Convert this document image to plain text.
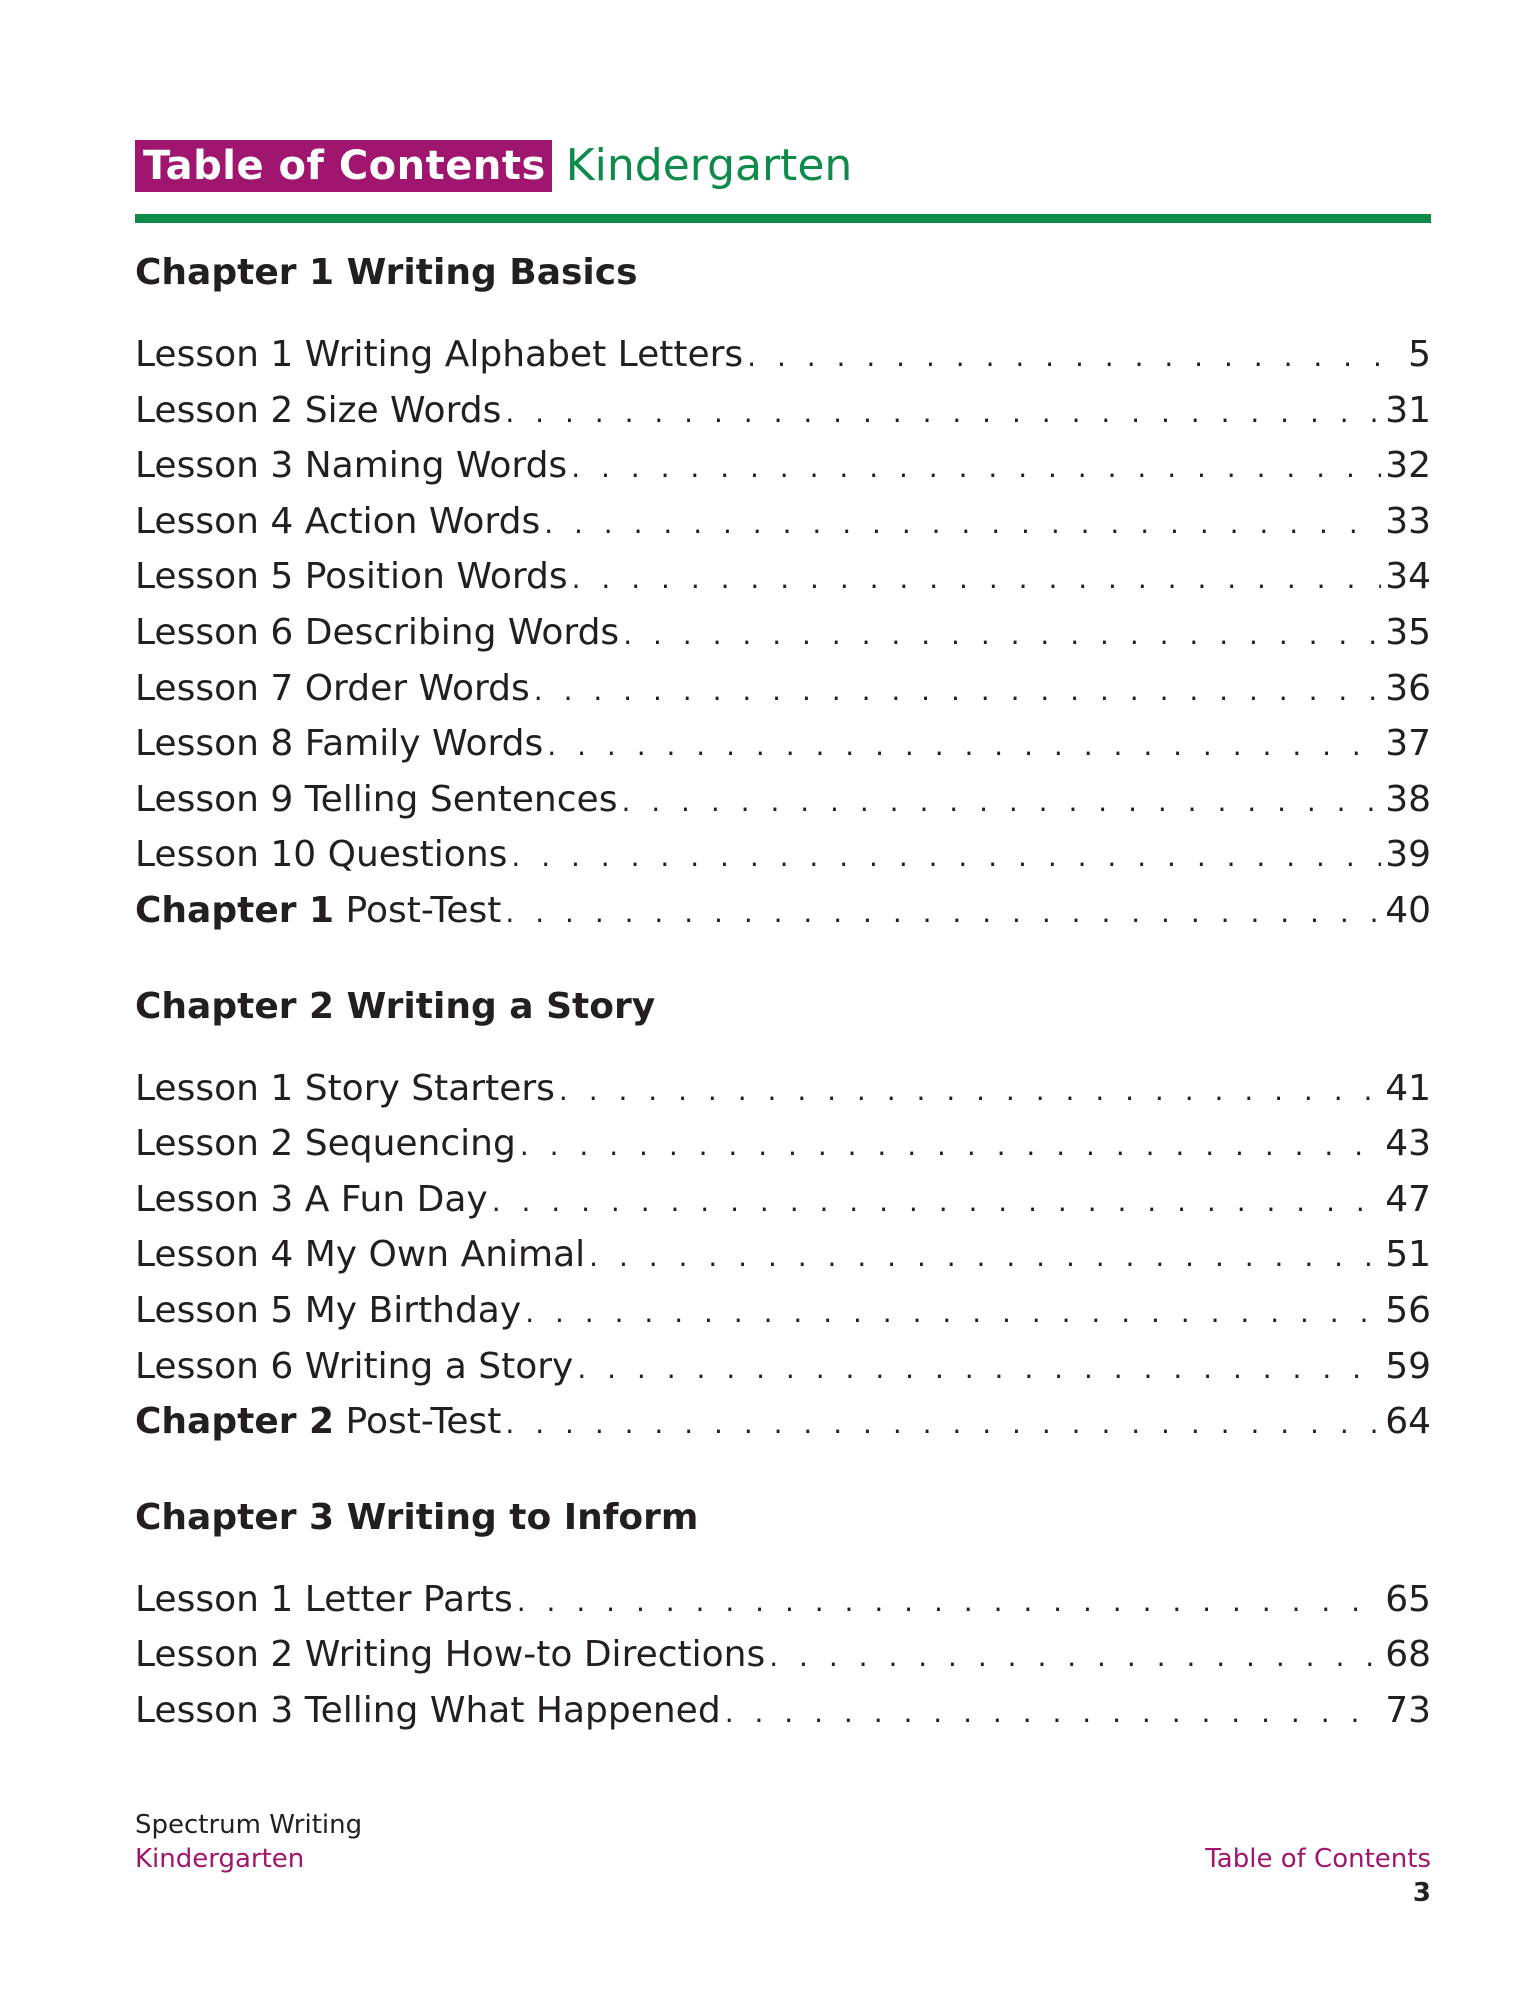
Table of Contents Kindergarten
Chapter 1 Writing Basics
Lesson 1 Writing Alphabet Letters . . .	5
Lesson 2 Size Words . . .	31
Lesson 3 Naming Words . . .	32
Lesson 4 Action Words . . .	33
Lesson 5 Position Words . . .	34
Lesson 6 Describing Words . . .	35
Lesson 7 Order Words . . .	36
Lesson 8 Family Words . . .	37
Lesson 9 Telling Sentences . . .	38
Lesson 10 Questions . . .	39
Chapter 1 Post-Test . . .	40
Chapter 2 Writing a Story
Lesson 1 Story Starters . . .	41
Lesson 2 Sequencing . . .	43
Lesson 3 A Fun Day . . .	47
Lesson 4 My Own Animal . . .	51
Lesson 5 My Birthday . . .	56
Lesson 6 Writing a Story . . .	59
Chapter 2 Post-Test . . .	64
Chapter 3 Writing to Inform
Lesson 1 Letter Parts . . .	65
Lesson 2 Writing How-to Directions . . .	68
Lesson 3 Telling What Happened . . .	73
Spectrum Writing
Kindergarten	Table of Contents
3
